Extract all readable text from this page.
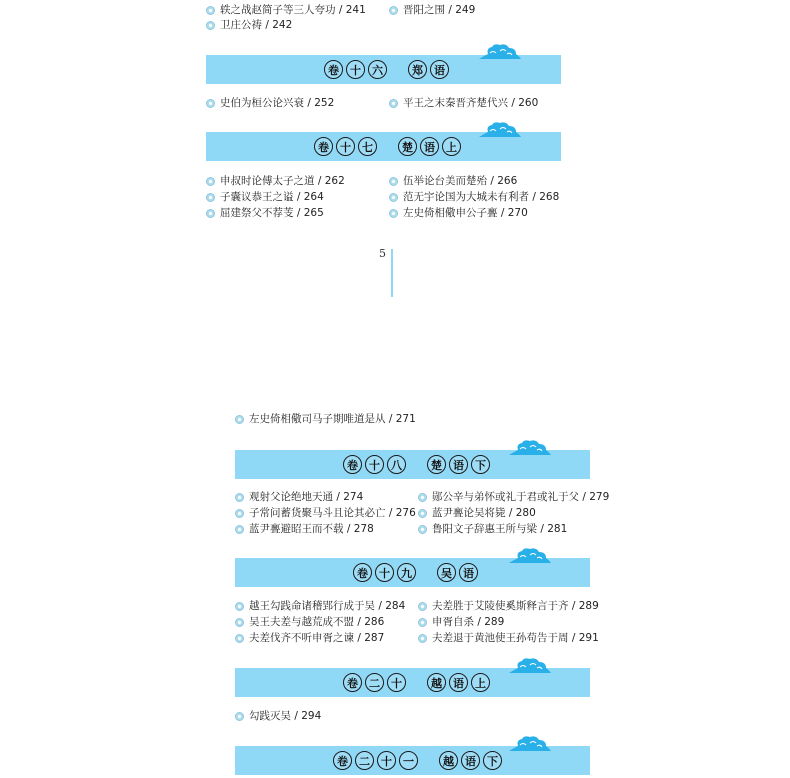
轶之战赵简子等三人夸功 / 241	晋阳之围 / 249
卫庄公祷 / 242
卷	十	六	郑	语
史伯为桓公论兴衰 / 252	平王之末秦晋齐楚代兴 / 260
卷	十	七	楚	语	上
申叔时论傅太子之道 / 262	伍举论台美而楚殆 / 266
子囊议恭王之谥 / 264	范无宇论国为大城未有利者 / 268
屈建祭父不荐芰 / 265	左史倚相儆申公子亹 / 270
5
左史倚相儆司马子期唯道是从 / 271
卷	十	八	楚	语	下
观射父论绝地天通 / 274	郧公辛与弟怀或礼于君或礼于父 / 279
子常问蓄货聚马斗且论其必亡 / 276 蓝尹亹论吴将毙 / 280
蓝尹亹避昭王而不载 / 278	鲁阳文子辞惠王所与梁 / 281
卷	十	九	吴	语
越王勾践命诸稽郢行成于吴 / 284	夫差胜于艾陵使奚斯释言于齐 / 289
吴王夫差与越荒成不盟 / 286	申胥自杀 / 289
夫差伐齐不听申胥之谏 / 287	夫差退于黄池使王孙苟告于周 / 291
卷	二	十	越	语	上
勾践灭吴 / 294
卷	二	十	一	越	语	下
